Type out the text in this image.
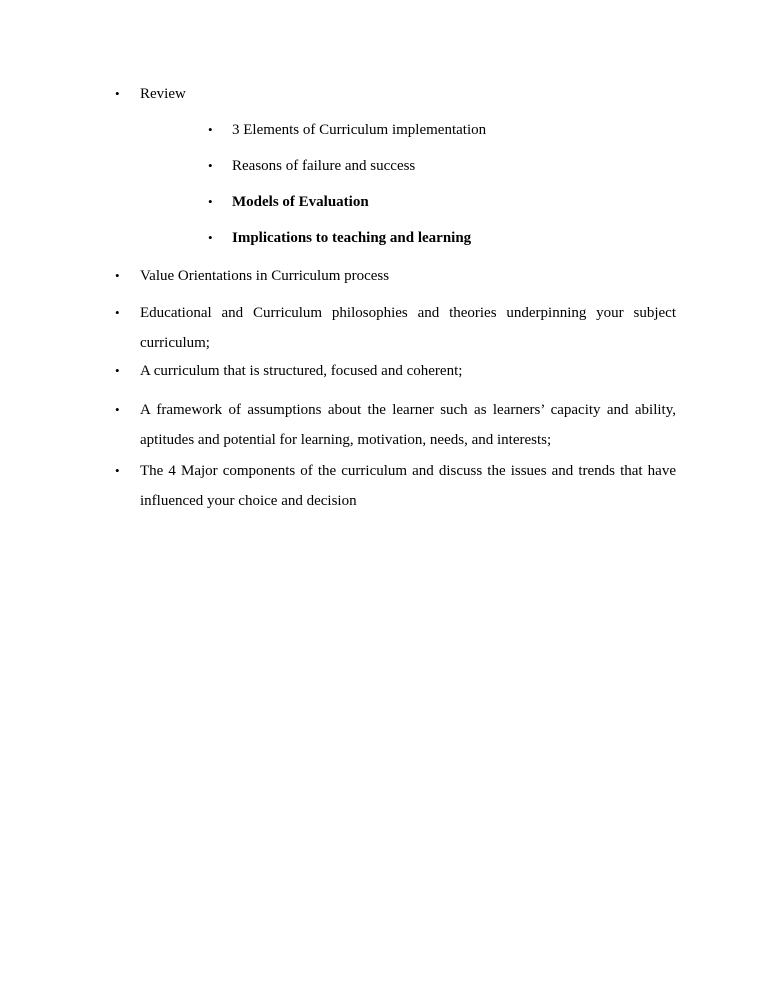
• Review
• 3 Elements of Curriculum implementation
• Reasons of failure and success
• Models of Evaluation
• Implications to teaching and learning
• Value Orientations in Curriculum process
• Educational and Curriculum philosophies and theories underpinning your subject curriculum;
• A curriculum that is structured, focused and coherent;
• A framework of assumptions about the learner such as learners’ capacity and ability, aptitudes and potential for learning, motivation, needs, and interests;
• The 4 Major components of the curriculum and discuss the issues and trends that have influenced your choice and decision
